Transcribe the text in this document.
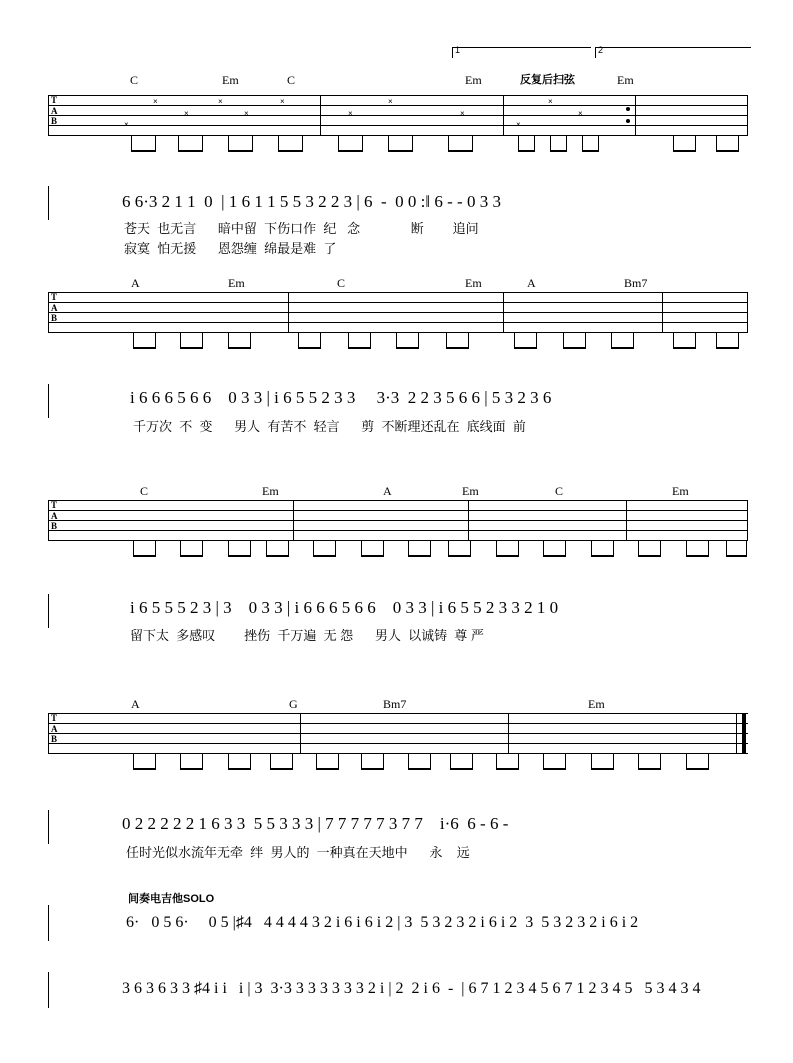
1	2
C	Em	C	Em	反复后扫弦	Em
T
A
B	×
×
×
×
×
×
×
×
×
×
×
×
6 6·3 2 1 1  0  | 1 6 1 1 5 5 3 2 2 3 | 6  -  0 0 :‖ 6 - - 0 3 3
苍天  也无言      暗中留  下伤口作  纪   念              断        追问
寂寞  怕无援      恩怨缠  绵最是难  了
A	Em	C	Em	A	Bm7
T
A
B
i 6 6 6 5 6 6    0 3 3 | i 6 5 5 2 3 3     3·3  2 2 3 5 6 6 | 5 3 2 3 6
千万次  不  变      男人  有苦不  轻言      剪  不断理还乱在  底线面  前
C	Em	A	Em	C	Em
T
A
B
i 6 5 5 5 2 3 | 3    0 3 3 | i 6 6 6 5 6 6    0 3 3 | i 6 5 5 2 3 3 2 1 0
留下太  多感叹        挫伤  千万遍  无 怨      男人  以诚铸  尊 严
A	G	Bm7	Em
T
A
B
0 2 2 2 2 2 1 6 3 3  5 5 3 3 3 | 7 7 7 7 7 3 7 7    i·6  6 - 6 -
任时光似水流年无牵  绊  男人的  一种真在天地中      永    远
间奏电吉他SOLO
6·   0 5 6·     0 5 |♯4   4 4 4 4 3 2 i 6 i 6 i 2 | 3  5 3 2 3 2 i 6 i 2  3  5 3 2 3 2 i 6 i 2
3 6 3 6 3 3 ♯4 i i   i | 3  3·3 3 3 3 3 3 3 2 i | 2  2 i 6  -  | 6 7 1 2 3 4 5 6 7 1 2 3 4 5   5 3 4 3 4
